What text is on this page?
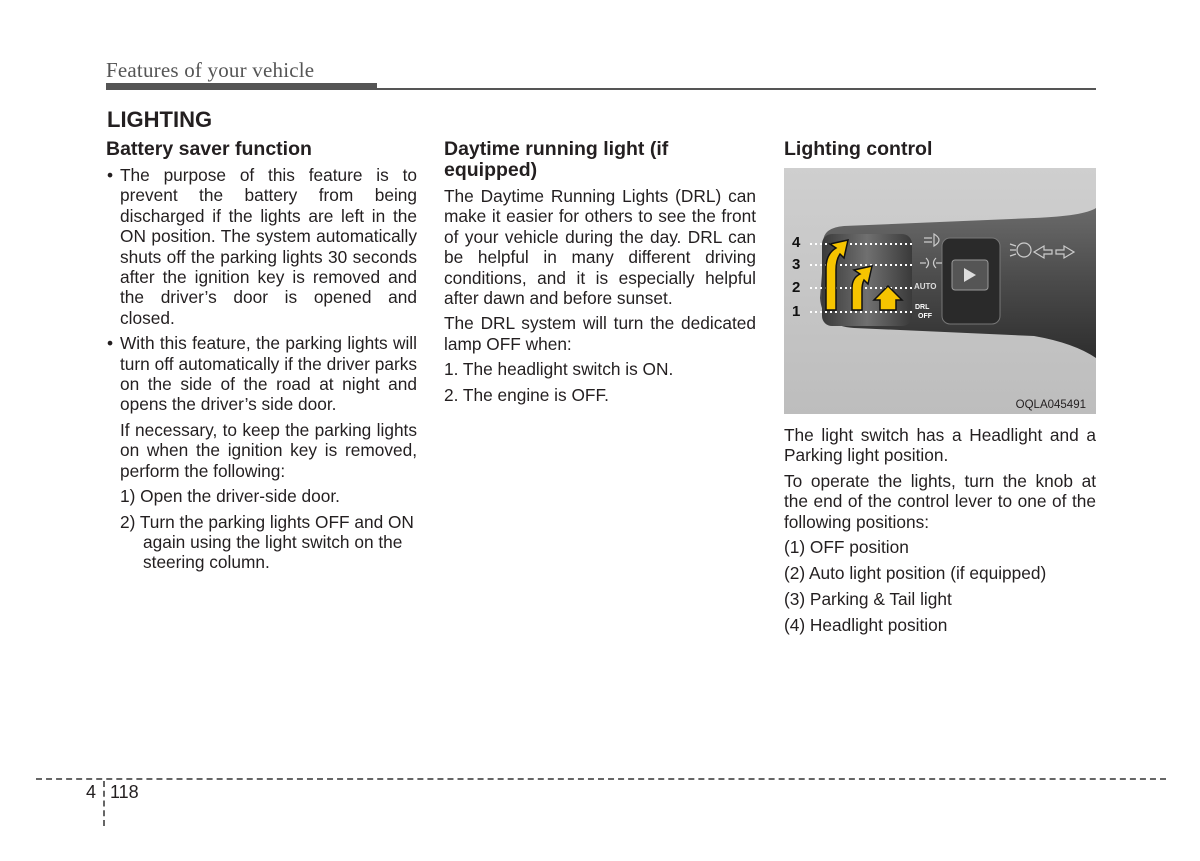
Features of your vehicle
LIGHTING
Battery saver function
• The purpose of this feature is to prevent the battery from being discharged if the lights are left in the ON position. The system automatically shuts off the parking lights 30 seconds after the ignition key is removed and the driver’s door is opened and closed.
• With this feature, the parking lights will turn off automatically if the driver parks on the side of the road at night and opens the driver’s side door.

If necessary, to keep the parking lights on when the ignition key is removed, perform the following:

1) Open the driver-side door.
2) Turn the parking lights OFF and ON again using the light switch on the steering column.
Daytime running light (if equipped)

The Daytime Running Lights (DRL) can make it easier for others to see the front of your vehicle during the day. DRL can be helpful in many different driving conditions, and it is especially helpful after dawn and before sunset.

The DRL system will turn the dedicated lamp OFF when:

1. The headlight switch is ON.
2. The engine is OFF.
Lighting control
4
3
2
1
AUTO
DRL
OFF
OQLA045491

The light switch has a Headlight and a Parking light position.

To operate the lights, turn the knob at the end of the control lever to one of the following positions:

(1) OFF position
(2) Auto light position (if equipped)
(3) Parking & Tail light
(4) Headlight position
4 118
